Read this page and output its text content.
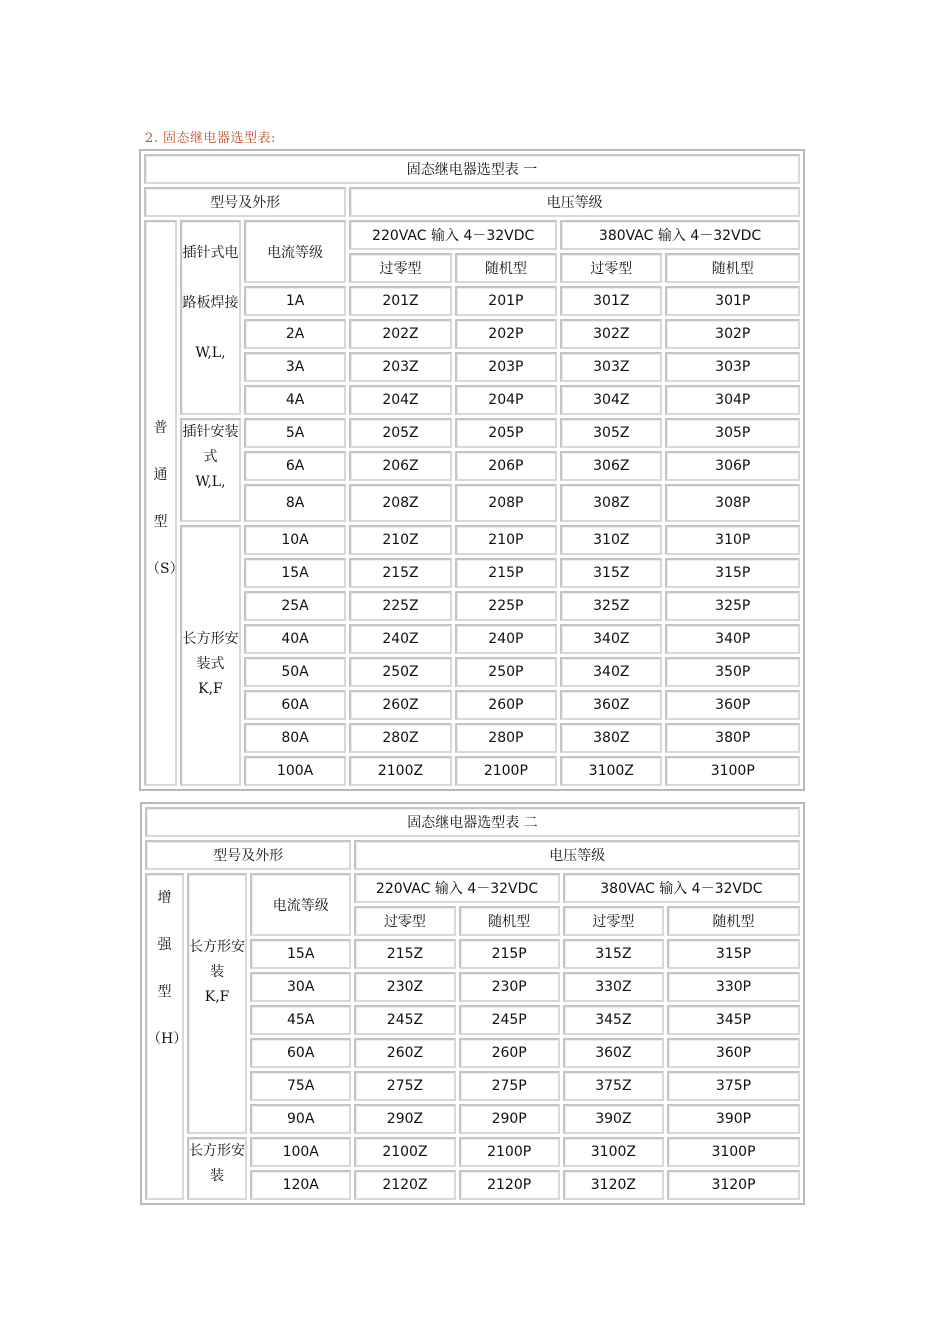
2. 固态继电器选型表:
固态继电器选型表 一						
型号及外形			电压等级			

普
通
型
（S）	插针式电
路板焊接
W,L,	电流等级	220VAC 输入 4－32VDC		380VAC 输入 4－32VDC	
			过零型	随机型	过零型	随机型
		1A	201Z	201P	301Z	301P
		2A	202Z	202P	302Z	302P
		3A	203Z	203P	303Z	303P
		4A	204Z	204P	304Z	304P

	插针安装
式
W,L,	5A	205Z	205P	305Z	305P
		6A	206Z	206P	306Z	306P
		8A	208Z	208P	308Z	308P

	长方形安
装式 K,F	10A	210Z	210P	310Z	310P
		15A	215Z	215P	315Z	315P
		25A	225Z	225P	325Z	325P
		40A	240Z	240P	340Z	340P
		50A	250Z	250P	340Z	350P
		60A	260Z	260P	360Z	360P
		80A	280Z	280P	380Z	380P
		100A	2100Z	2100P	3100Z	3100P
固态继电器选型表 二						
型号及外形			电压等级			

增
强
型
（H）	长方形安
装
K,F	电流等级	220VAC 输入 4－32VDC		380VAC 输入 4－32VDC	
			过零型	随机型	过零型	随机型
		15A	215Z	215P	315Z	315P
		30A	230Z	230P	330Z	330P
		45A	245Z	245P	345Z	345P
		60A	260Z	260P	360Z	360P
		75A	275Z	275P	375Z	375P
		90A	290Z	290P	390Z	390P

	长方形安
装	100A	2100Z	2100P	3100Z	3100P
		120A	2120Z	2120P	3120Z	3120P
